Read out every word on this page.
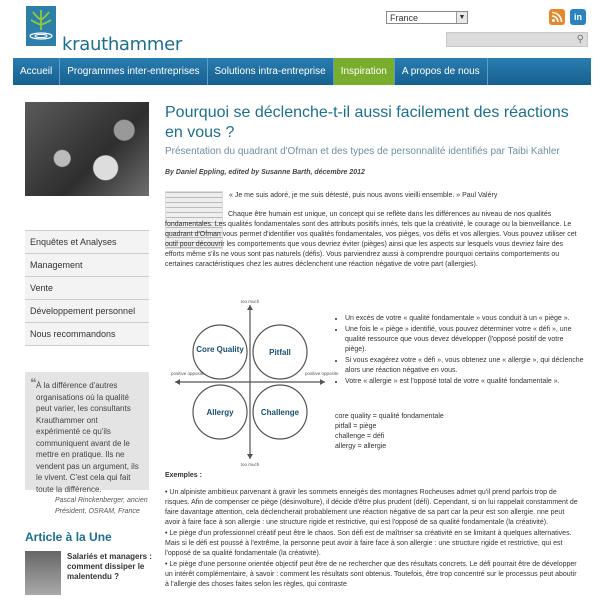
krauthammer
France	▼	in
⚲
Accueil	Programmes inter-entreprises	Solutions intra-entreprise	Inspiration	A propos de nous
Enquêtes et Analyses
Management
Vente
Développement personnel
Nous recommandons
❝ À la différence d'autres organisations où la qualité peut varier, les consultants Krauthammer ont expérimenté ce qu'ils communiquent avant de le mettre en pratique. Ils ne vendent pas un argument, ils le vivent. C'est cela qui fait toute la différence.
Pascal Rinckenberger, ancien Président, OSRAM, France
Article à la Une
Salariés et managers : comment dissiper le malentendu ?
Pourquoi se déclenche-t-il aussi facilement des réactions en vous ?
Présentation du quadrant d'Ofman et des types de personnalité identifiés par Taibi Kahler
By Daniel Eppling, edited by Susanne Barth, décembre 2012
« Je me suis adoré, je me suis détesté, puis nous avons vieilli ensemble. » Paul Valéry
Chaque être humain est unique, un concept qui se reflète dans les différences au niveau de nos qualités fondamentales. Les qualités fondamentales sont des attributs positifs innés, tels que la créativité, le courage ou la bienveillance. Le quadrant d'Ofman vous permet d'identifier vos qualités fondamentales, vos pièges, vos défis et vos allergies. Vous pouvez utiliser cet outil pour découvrir les comportements que vous devriez éviter (pièges) ainsi que les aspects sur lesquels vous devriez faire des efforts même s'ils ne vous sont pas naturels (défis). Vous parviendrez aussi à comprendre pourquoi certains comportements ou certaines caractéristiques chez les autres déclenchent une réaction négative de votre part (allergies).
Core Quality	Pitfall
Allergy	Challenge
too much
too much
positive opposite	positive opposite
• Un excès de votre « qualité fondamentale » vous conduit à un « piège ».
• Une fois le « piège » identifié, vous pouvez déterminer votre « défi », une qualité ressource que vous devez développer (l'opposé positif de votre piège).
• Si vous exagérez votre « défi », vous obtenez une « allergie », qui déclenche alors une réaction négative en vous.
• Votre « allergie » est l'opposé total de votre « qualité fondamentale ».
core quality = qualité fondamentale
pitfall = piège
challenge = défi
allergy = allergie
Exemples :

• Un alpiniste ambitieux parvenant à gravir les sommets enneigés des montagnes Rocheuses admet qu'il prend parfois trop de risques. Afin de compenser ce piège (désinvolture), il décide d'être plus prudent (défi). Cependant, si on lui rappelait constamment de faire davantage attention, cela déclencherait probablement une réaction négative de sa part car la peur est son allergie. nne peut avoir à faire face à son allergie : une structure rigide et restrictive, qui est l'opposé de sa qualité fondamentale (la créativité).

• Le piège d'un professionnel créatif peut être le chaos. Son défi est de maîtriser sa créativité en se limitant à quelques alternatives. Mais si le défi est poussé à l'extrême, la personne peut avoir à faire face à son allergie : une structure rigide et restrictive, qui est l'opposé de sa qualité fondamentale (la créativité).

• Le piège d'une personne orientée objectif peut être de ne rechercher que des résultats concrets. Le défi pourrait être de développer un intérêt complémentaire, à savoir : comment les résultats sont obtenus. Toutefois, être trop concentré sur le processus peut aboutir à l'allergie des choses faites selon les règles, qui contraste
